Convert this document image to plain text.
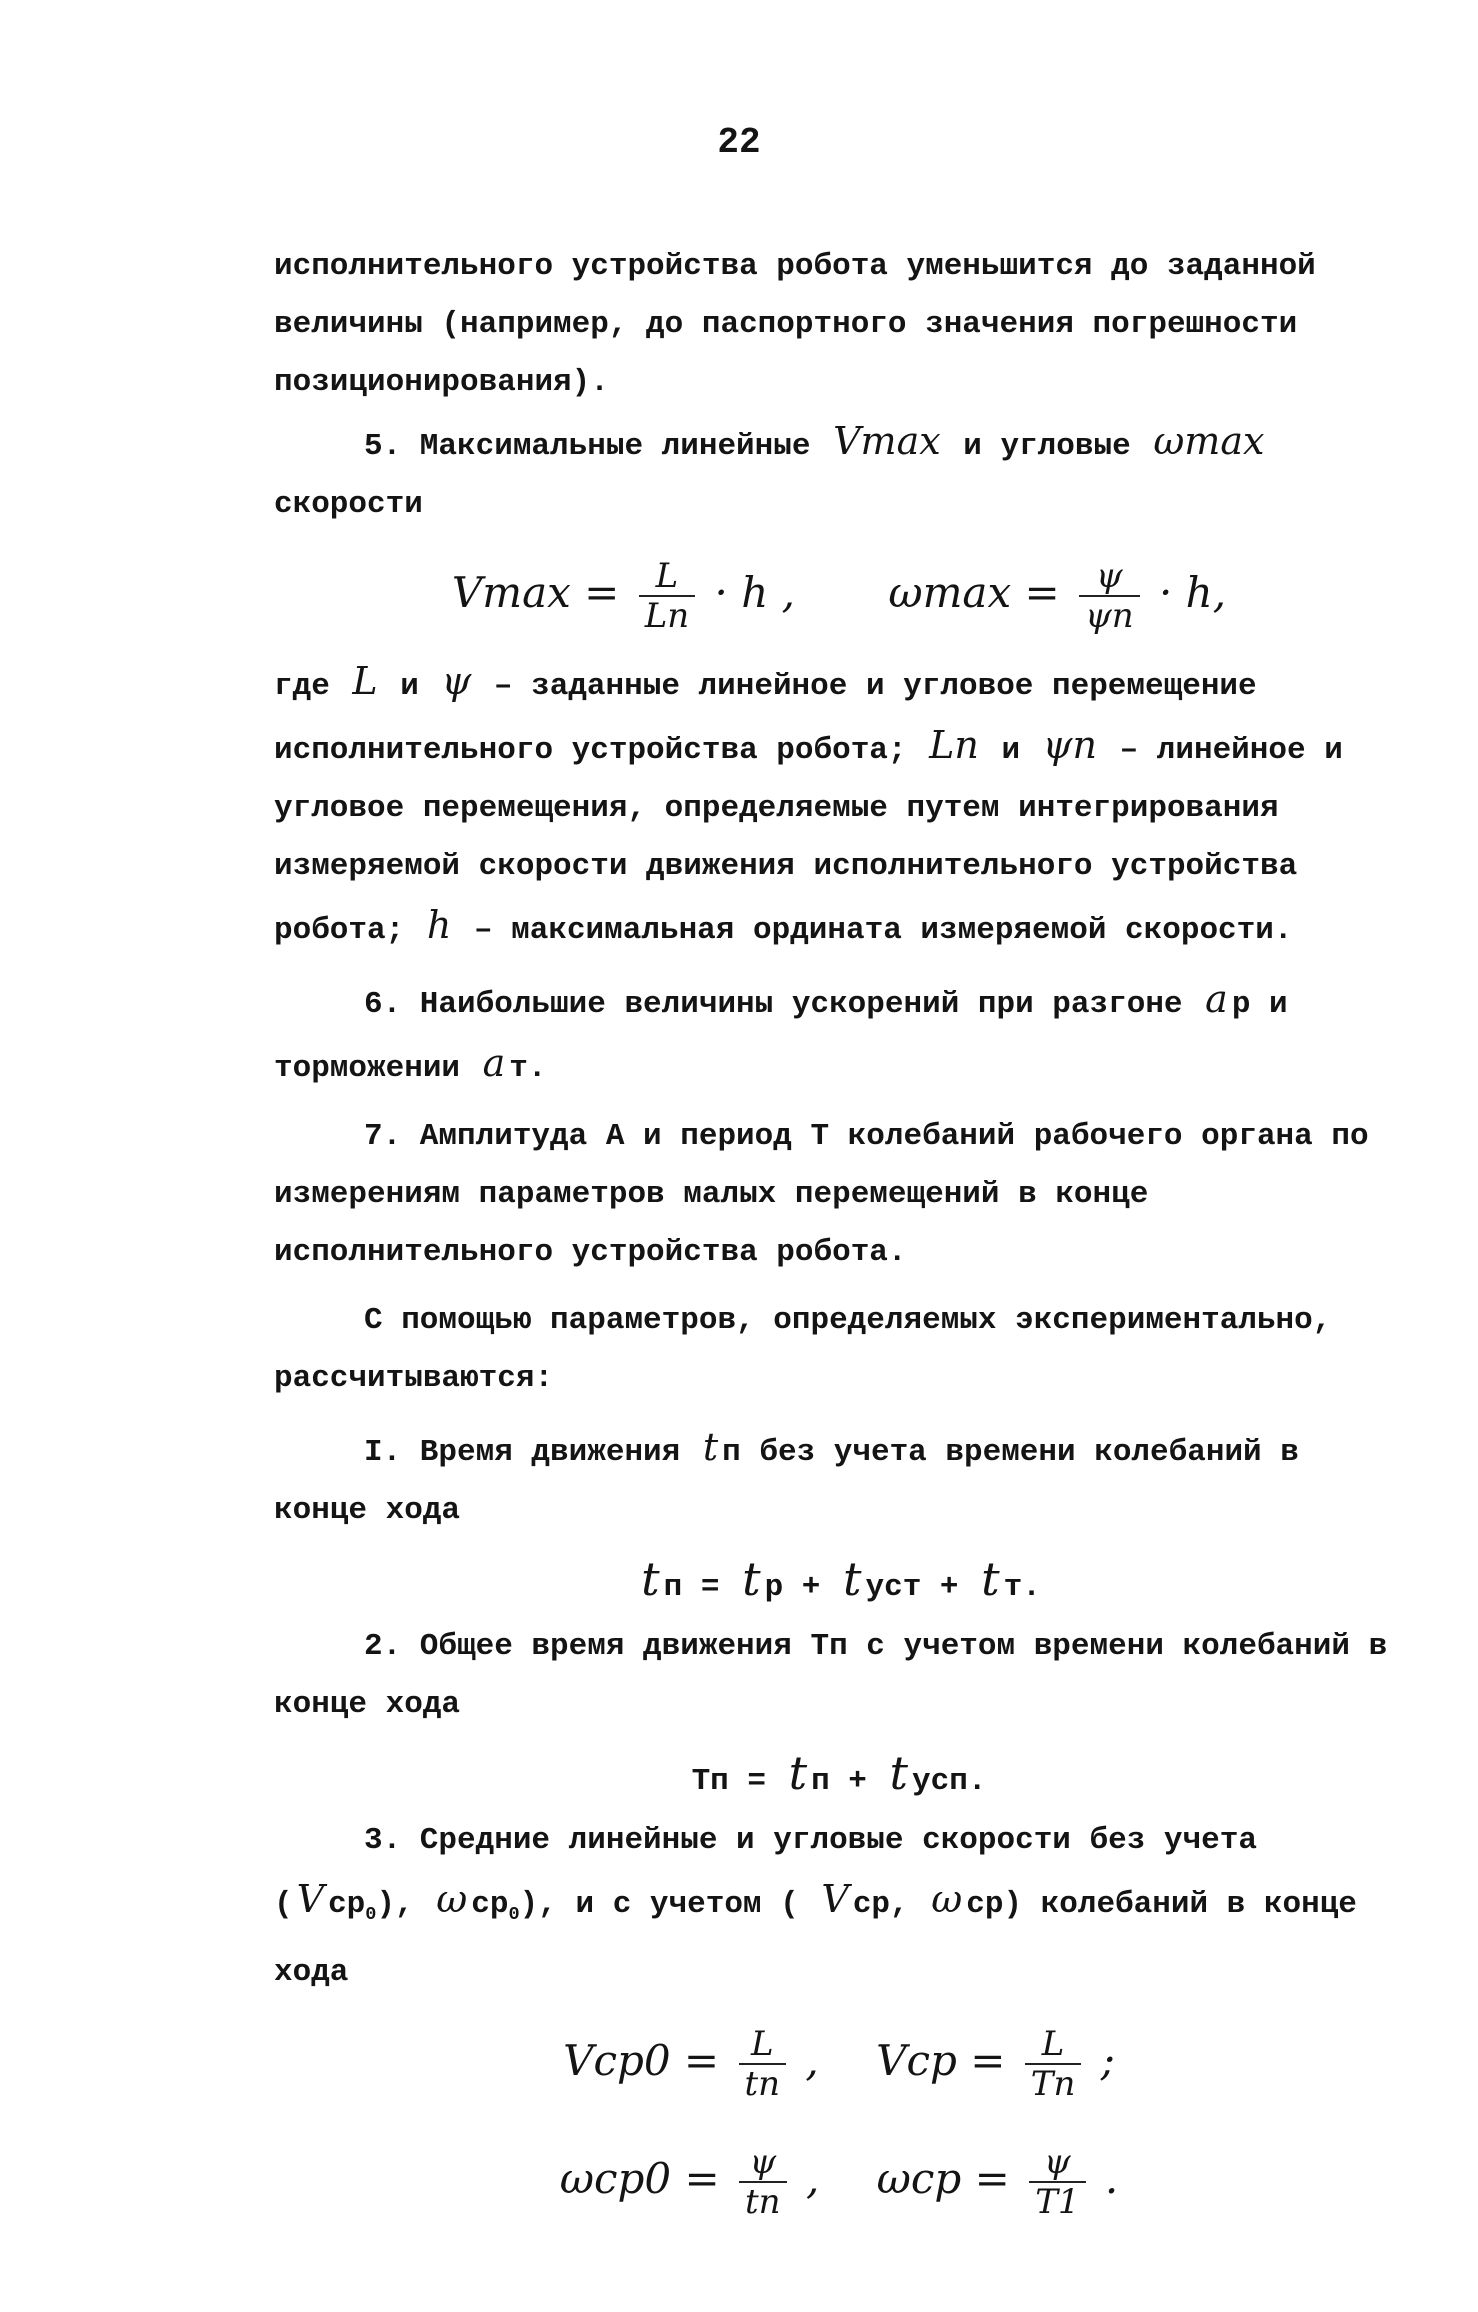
22

исполнительного устройства робота уменьшится до заданной величины (например, до паспортного значения погрешности позиционирования).

5. Максимальные линейные Vmax и угловые ωmax скорости

$Vmax = \frac{L}{Ln} \cdot h$ , $\omega\max = \frac{\psi}{\psi n} \cdot h$,

где L и ψ – заданные линейное и угловое перемещение исполнительного устройства робота; Ln и ψn – линейное и угловое перемещения, определяемые путем интегрирования измеряемой скорости движения исполнительного устройства робота; h – максимальная ордината измеряемой скорости.

6. Наибольшие величины ускорений при разгоне a р и торможении a т.

7. Амплитуда А и период Т колебаний рабочего органа по измерениям параметров малых перемещений в конце исполнительного устройства робота.

С помощью параметров, определяемых экспериментально, рассчитываются:

I. Время движения t п без учета времени колебаний в конце хода

t п = t р + t уст + t т.

2. Общее время движения Тп с учетом времени колебаний в конце хода

Тп = t п + t усп.

3. Средние линейные и угловые скорости без учета ( V $ср_0$), ω $ср_0$), и с учетом ( V ср, ω ср) колебаний в конце хода

$Vcp0 = \frac{L}{tn}$ , Vcp = $\frac{L}{Tn}$ ;
$\omega cp0 = \frac{\psi}{tn}$ , $\omega cp = \frac{\psi}{T1}$ .
